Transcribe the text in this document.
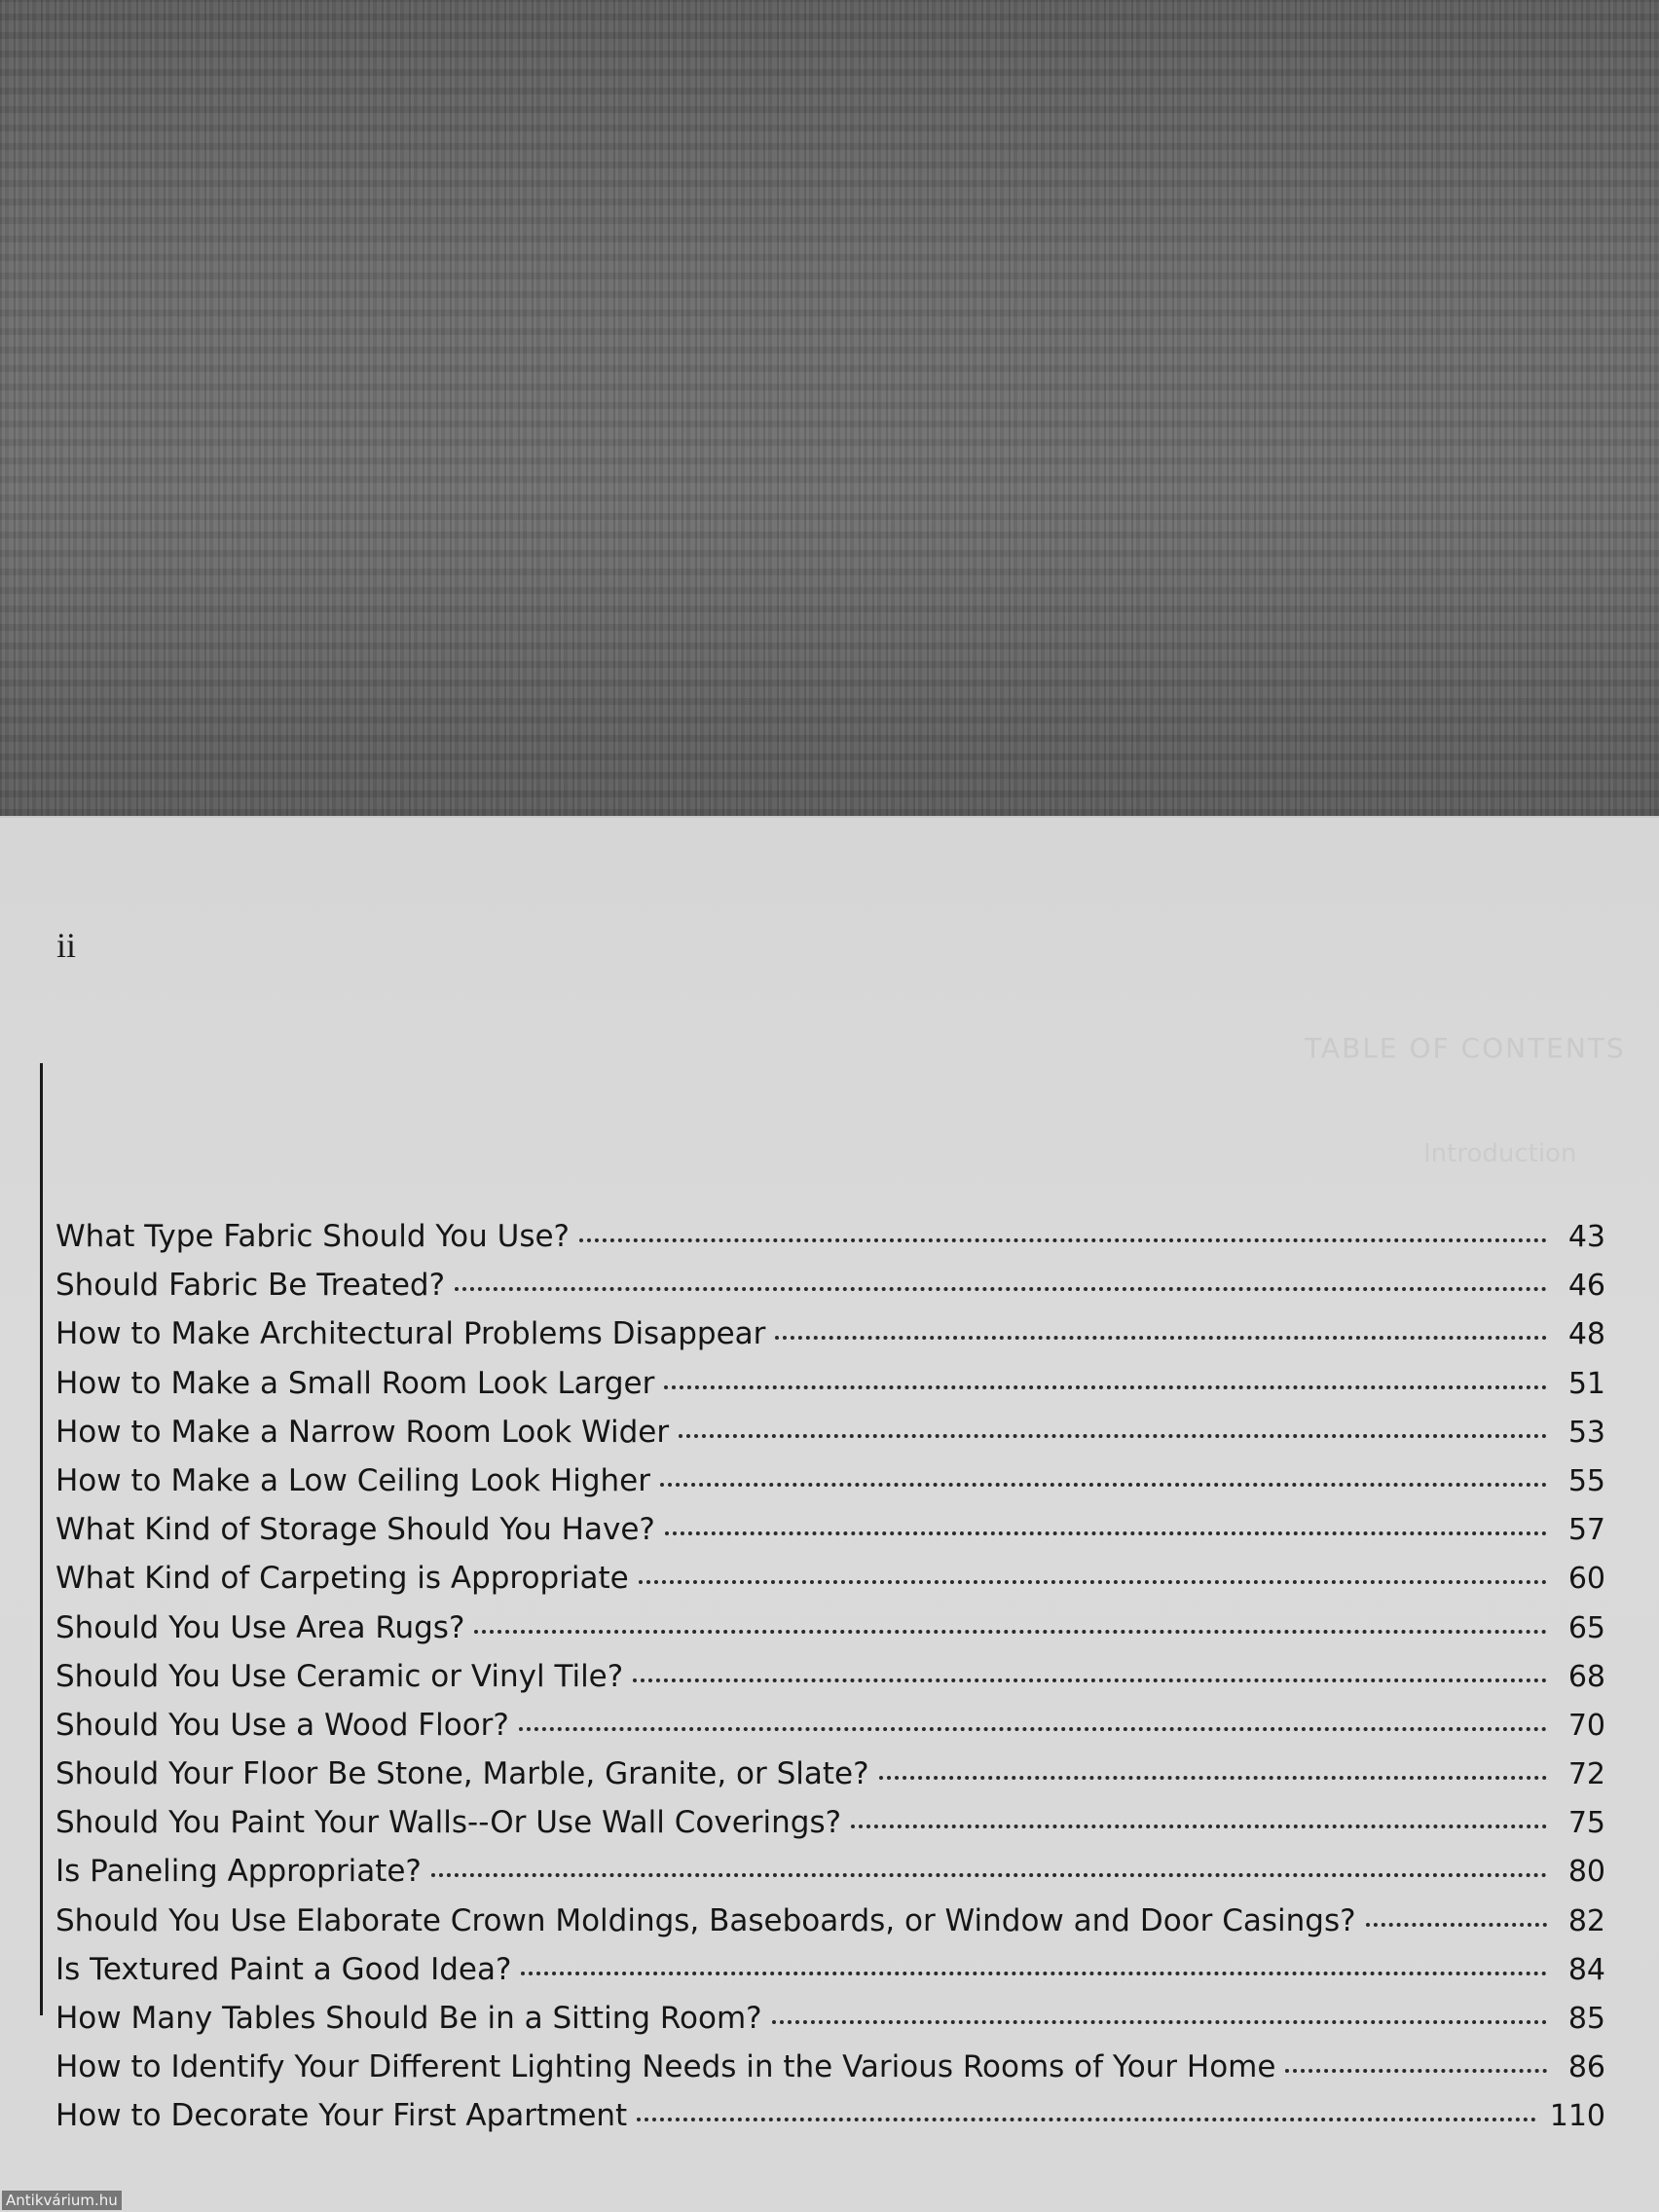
TABLE OF CONTENTS
Introduction
ii
What Type Fabric Should You Use?	43
Should Fabric Be Treated?	46
How to Make Architectural Problems Disappear	48
How to Make a Small Room Look Larger	51
How to Make a Narrow Room Look Wider	53
How to Make a Low Ceiling Look Higher	55
What Kind of Storage Should You Have?	57
What Kind of Carpeting is Appropriate	60
Should You Use Area Rugs?	65
Should You Use Ceramic or Vinyl Tile?	68
Should You Use a Wood Floor?	70
Should Your Floor Be Stone, Marble, Granite, or Slate?	72
Should You Paint Your Walls--Or Use Wall Coverings?	75
Is Paneling Appropriate?	80
Should You Use Elaborate Crown Moldings, Baseboards, or Window and Door Casings?	82
Is Textured Paint a Good Idea?	84
How Many Tables Should Be in a Sitting Room?	85
How to Identify Your Different Lighting Needs in the Various Rooms of Your Home	86
How to Decorate Your First Apartment	110
Antikvárium.hu
